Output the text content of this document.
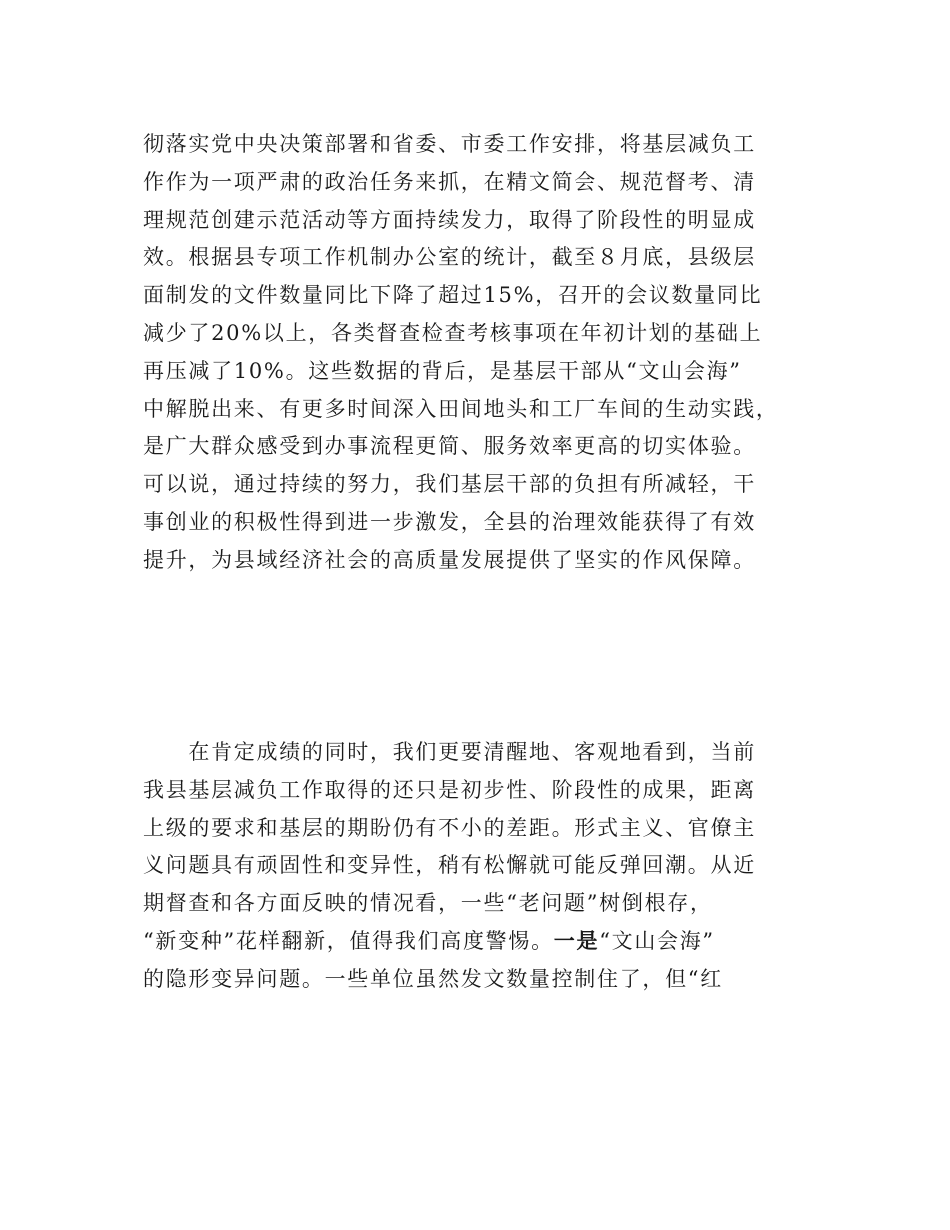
彻落实党中央决策部署和省委、市委工作安排，将基层减负工
作作为一项严肃的政治任务来抓，在精文简会、规范督考、清
理规范创建示范活动等方面持续发力，取得了阶段性的明显成
效。根据县专项工作机制办公室的统计，截至８月底，县级层
面制发的文件数量同比下降了超过15%，召开的会议数量同比
减少了20%以上，各类督查检查考核事项在年初计划的基础上
再压减了10%。这些数据的背后，是基层干部从“文山会海”
中解脱出来、有更多时间深入田间地头和工厂车间的生动实践，
是广大群众感受到办事流程更简、服务效率更高的切实体验。
可以说，通过持续的努力，我们基层干部的负担有所减轻，干
事创业的积极性得到进一步激发，全县的治理效能获得了有效
提升，为县域经济社会的高质量发展提供了坚实的作风保障。
　　在肯定成绩的同时，我们更要清醒地、客观地看到，当前
我县基层减负工作取得的还只是初步性、阶段性的成果，距离
上级的要求和基层的期盼仍有不小的差距。形式主义、官僚主
义问题具有顽固性和变异性，稍有松懈就可能反弹回潮。从近
期督查和各方面反映的情况看，一些“老问题”树倒根存，
“新变种”花样翻新，值得我们高度警惕。一是“文山会海”
的隐形变异问题。一些单位虽然发文数量控制住了，但“红
